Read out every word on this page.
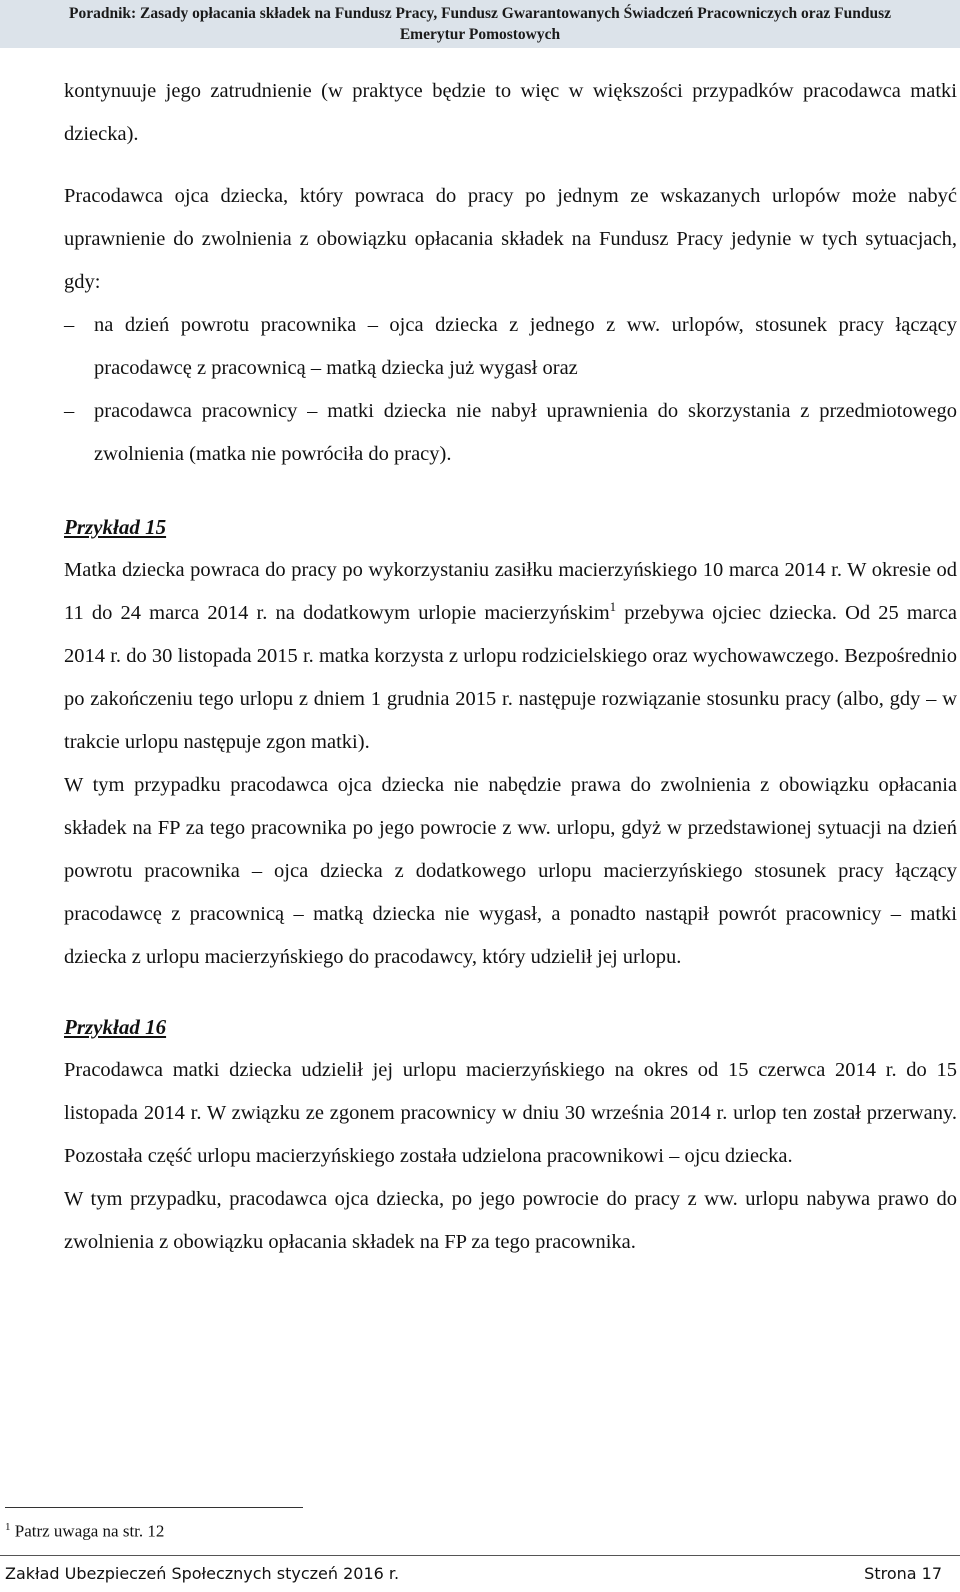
Poradnik: Zasady opłacania składek na Fundusz Pracy, Fundusz Gwarantowanych Świadczeń Pracowniczych oraz Fundusz
Emerytur Pomostowych

kontynuuje jego zatrudnienie (w praktyce będzie to więc w większości przypadków pracodawca matki dziecka).

Pracodawca ojca dziecka, który powraca do pracy po jednym ze wskazanych urlopów może nabyć uprawnienie do zwolnienia z obowiązku opłacania składek na Fundusz Pracy jedynie w tych sytuacjach, gdy:

– na dzień powrotu pracownika – ojca dziecka z jednego z ww. urlopów, stosunek pracy łączący pracodawcę z pracownicą – matką dziecka już wygasł oraz
– pracodawca pracownicy – matki dziecka nie nabył uprawnienia do skorzystania z przedmiotowego zwolnienia (matka nie powróciła do pracy).
Przykład 15

Matka dziecka powraca do pracy po wykorzystaniu zasiłku macierzyńskiego 10 marca 2014 r. W okresie od 11 do 24 marca 2014 r. na dodatkowym urlopie macierzyńskim$^1$ przebywa ojciec dziecka. Od 25 marca 2014 r. do 30 listopada 2015 r. matka korzysta z urlopu rodzicielskiego oraz wychowawczego. Bezpośrednio po zakończeniu tego urlopu z dniem 1 grudnia 2015 r. następuje rozwiązanie stosunku pracy (albo, gdy – w trakcie urlopu następuje zgon matki).

W tym przypadku pracodawca ojca dziecka nie nabędzie prawa do zwolnienia z obowiązku opłacania składek na FP za tego pracownika po jego powrocie z ww. urlopu, gdyż w przedstawionej sytuacji na dzień powrotu pracownika – ojca dziecka z dodatkowego urlopu macierzyńskiego stosunek pracy łączący pracodawcę z pracownicą – matką dziecka nie wygasł, a ponadto nastąpił powrót pracownicy – matki dziecka z urlopu macierzyńskiego do pracodawcy, który udzielił jej urlopu.

Przykład 16

Pracodawca matki dziecka udzielił jej urlopu macierzyńskiego na okres od 15 czerwca 2014 r. do 15 listopada 2014 r. W związku ze zgonem pracownicy w dniu 30 września 2014 r. urlop ten został przerwany. Pozostała część urlopu macierzyńskiego została udzielona pracownikowi – ojcu dziecka.

W tym przypadku, pracodawca ojca dziecka, po jego powrocie do pracy z ww. urlopu nabywa prawo do zwolnienia z obowiązku opłacania składek na FP za tego pracownika.

$^1$ Patrz uwaga na str. 12
Zakład Ubezpieczeń Społecznych styczeń 2016 r.	Strona 17
